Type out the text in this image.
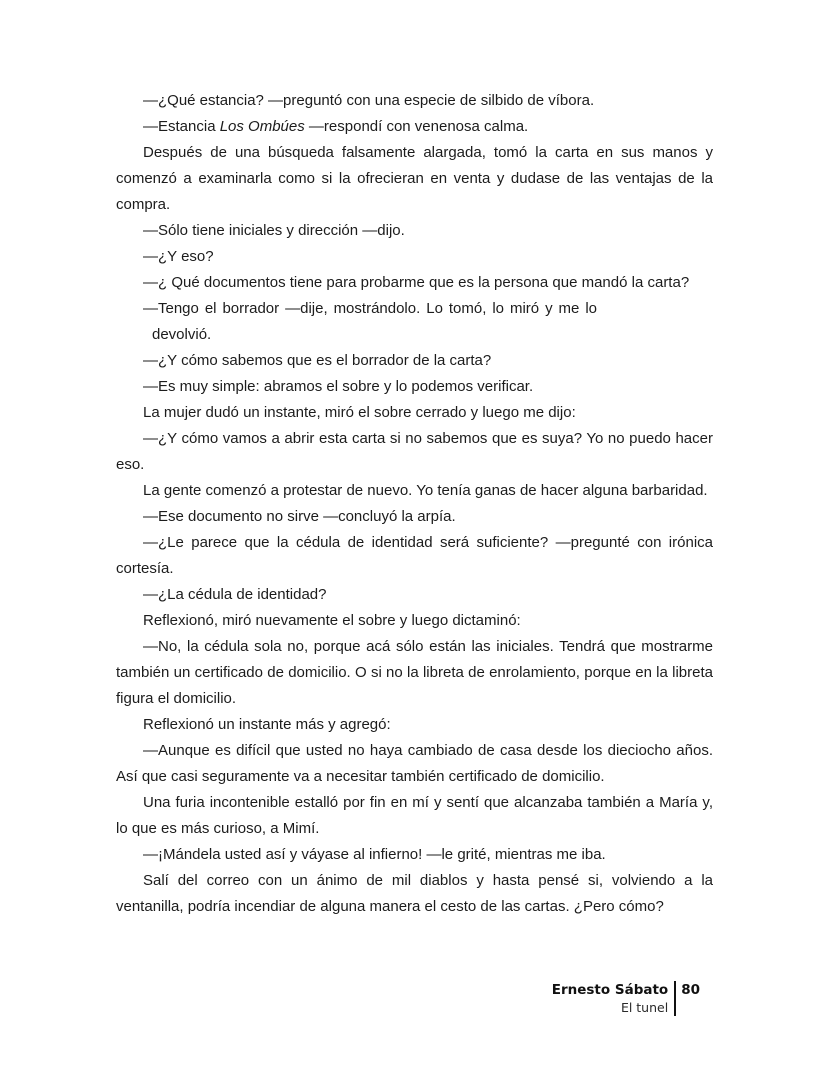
—¿Qué estancia? —preguntó con una especie de silbido de víbora.

—Estancia Los Ombúes —respondí con venenosa calma.

Después de una búsqueda falsamente alargada, tomó la carta en sus manos y comenzó a examinarla como si la ofrecieran en venta y dudase de las ventajas de la compra.

—Sólo tiene iniciales y dirección —dijo.

—¿Y eso?

—¿ Qué documentos tiene para probarme que es la persona que mandó la carta?

—Tengo el borrador —dije, mostrándolo. Lo tomó, lo miró y me lo
devolvió.

—¿Y cómo sabemos que es el borrador de la carta?

—Es muy simple: abramos el sobre y lo podemos verificar.

La mujer dudó un instante, miró el sobre cerrado y luego me dijo:

—¿Y cómo vamos a abrir esta carta si no sabemos que es suya? Yo no puedo hacer eso.

La gente comenzó a protestar de nuevo. Yo tenía ganas de hacer alguna barbaridad.

—Ese documento no sirve —concluyó la arpía.

—¿Le parece que la cédula de identidad será suficiente? —pregunté con irónica cortesía.

—¿La cédula de identidad?

Reflexionó, miró nuevamente el sobre y luego dictaminó:

—No, la cédula sola no, porque acá sólo están las iniciales. Tendrá que mostrarme también un certificado de domicilio. O si no la libreta de enrolamiento, porque en la libreta figura el domicilio.

Reflexionó un instante más y agregó:

—Aunque es difícil que usted no haya cambiado de casa desde los dieciocho años. Así que casi seguramente va a necesitar también certificado de domicilio.

Una furia incontenible estalló por fin en mí y sentí que alcanzaba también a María y, lo que es más curioso, a Mimí.

—¡Mándela usted así y váyase al infierno! —le grité, mientras me iba.

Salí del correo con un ánimo de mil diablos y hasta pensé si, volviendo a la ventanilla, podría incendiar de alguna manera el cesto de las cartas. ¿Pero cómo?

Ernesto Sábato
El tunel
80
